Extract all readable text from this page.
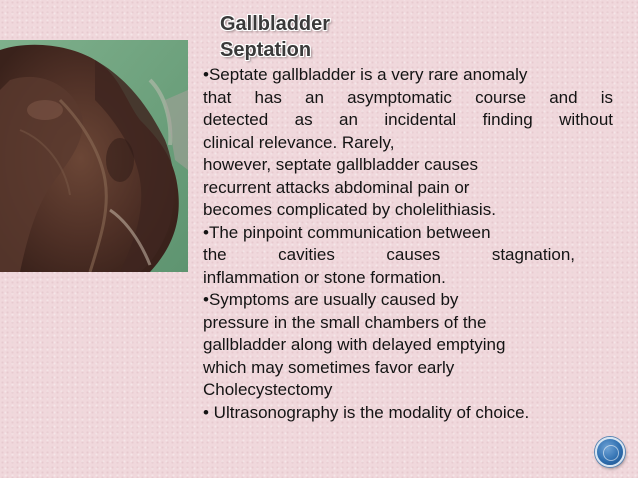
Gallbladder
Septation
•Septate gallbladder is a very rare anomaly
that has an asymptomatic course and is
detected as an incidental finding without
clinical relevance. Rarely,
however, septate gallbladder causes
recurrent attacks abdominal pain or
becomes complicated by cholelithiasis.
•The pinpoint communication between
the cavities causes stagnation,
inflammation or stone formation.
•Symptoms are usually caused by
pressure in the small chambers of the
gallbladder along with delayed emptying
which may sometimes favor early
Cholecystectomy
• Ultrasonography is the modality of choice.
